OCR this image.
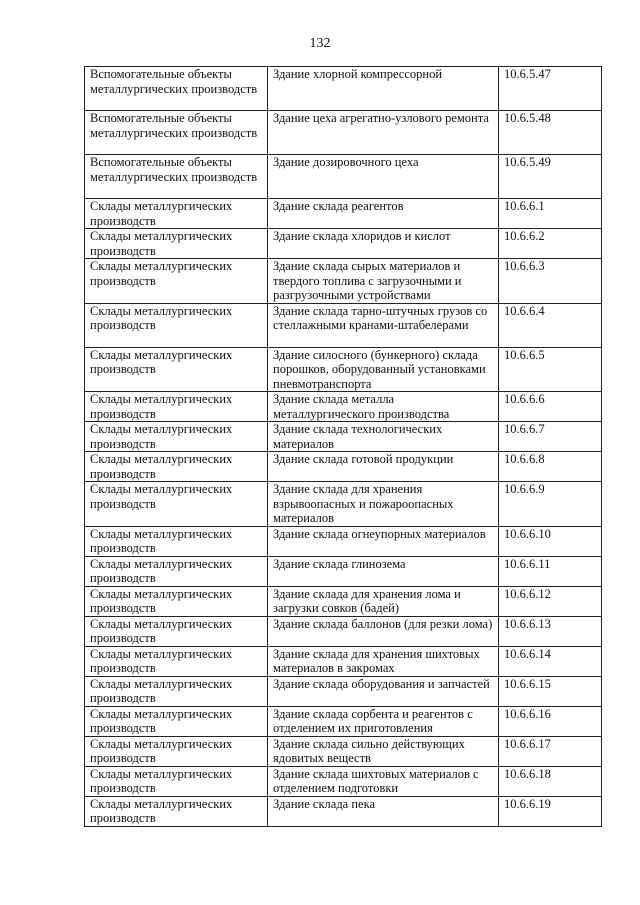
132
Вспомогательные объекты металлургических производств	Здание хлорной компрессорной	10.6.5.47
Вспомогательные объекты металлургических производств	Здание цеха агрегатно-узлового ремонта	10.6.5.48
Вспомогательные объекты металлургических производств	Здание дозировочного цеха	10.6.5.49
Склады металлургических производств	Здание склада реагентов	10.6.6.1
Склады металлургических производств	Здание склада хлоридов и кислот	10.6.6.2
Склады металлургических производств	Здание склада сырых материалов и твердого топлива с загрузочными и разгрузочными устройствами	10.6.6.3
Склады металлургических производств	Здание склада тарно-штучных грузов со стеллажными кранами-штабелерами	10.6.6.4
Склады металлургических производств	Здание силосного (бункерного) склада порошков, оборудованный установками пневмотранспорта	10.6.6.5
Склады металлургических производств	Здание склада металла металлургического производства	10.6.6.6
Склады металлургических производств	Здание склада технологических материалов	10.6.6.7
Склады металлургических производств	Здание склада готовой продукции	10.6.6.8
Склады металлургических производств	Здание склада для хранения взрывоопасных и пожароопасных материалов	10.6.6.9
Склады металлургических производств	Здание склада огнеупорных материалов	10.6.6.10
Склады металлургических производств	Здание склада глинозема	10.6.6.11
Склады металлургических производств	Здание склада для хранения лома и загрузки совков (бадей)	10.6.6.12
Склады металлургических производств	Здание склада баллонов (для резки лома)	10.6.6.13
Склады металлургических производств	Здание склада для хранения шихтовых материалов в закромах	10.6.6.14
Склады металлургических производств	Здание склада оборудования и запчастей	10.6.6.15
Склады металлургических производств	Здание склада сорбента и реагентов с отделением их приготовления	10.6.6.16
Склады металлургических производств	Здание склада сильно действующих ядовитых веществ	10.6.6.17
Склады металлургических производств	Здание склада шихтовых материалов с отделением подготовки	10.6.6.18
Склады металлургических производств	Здание склада пека	10.6.6.19
